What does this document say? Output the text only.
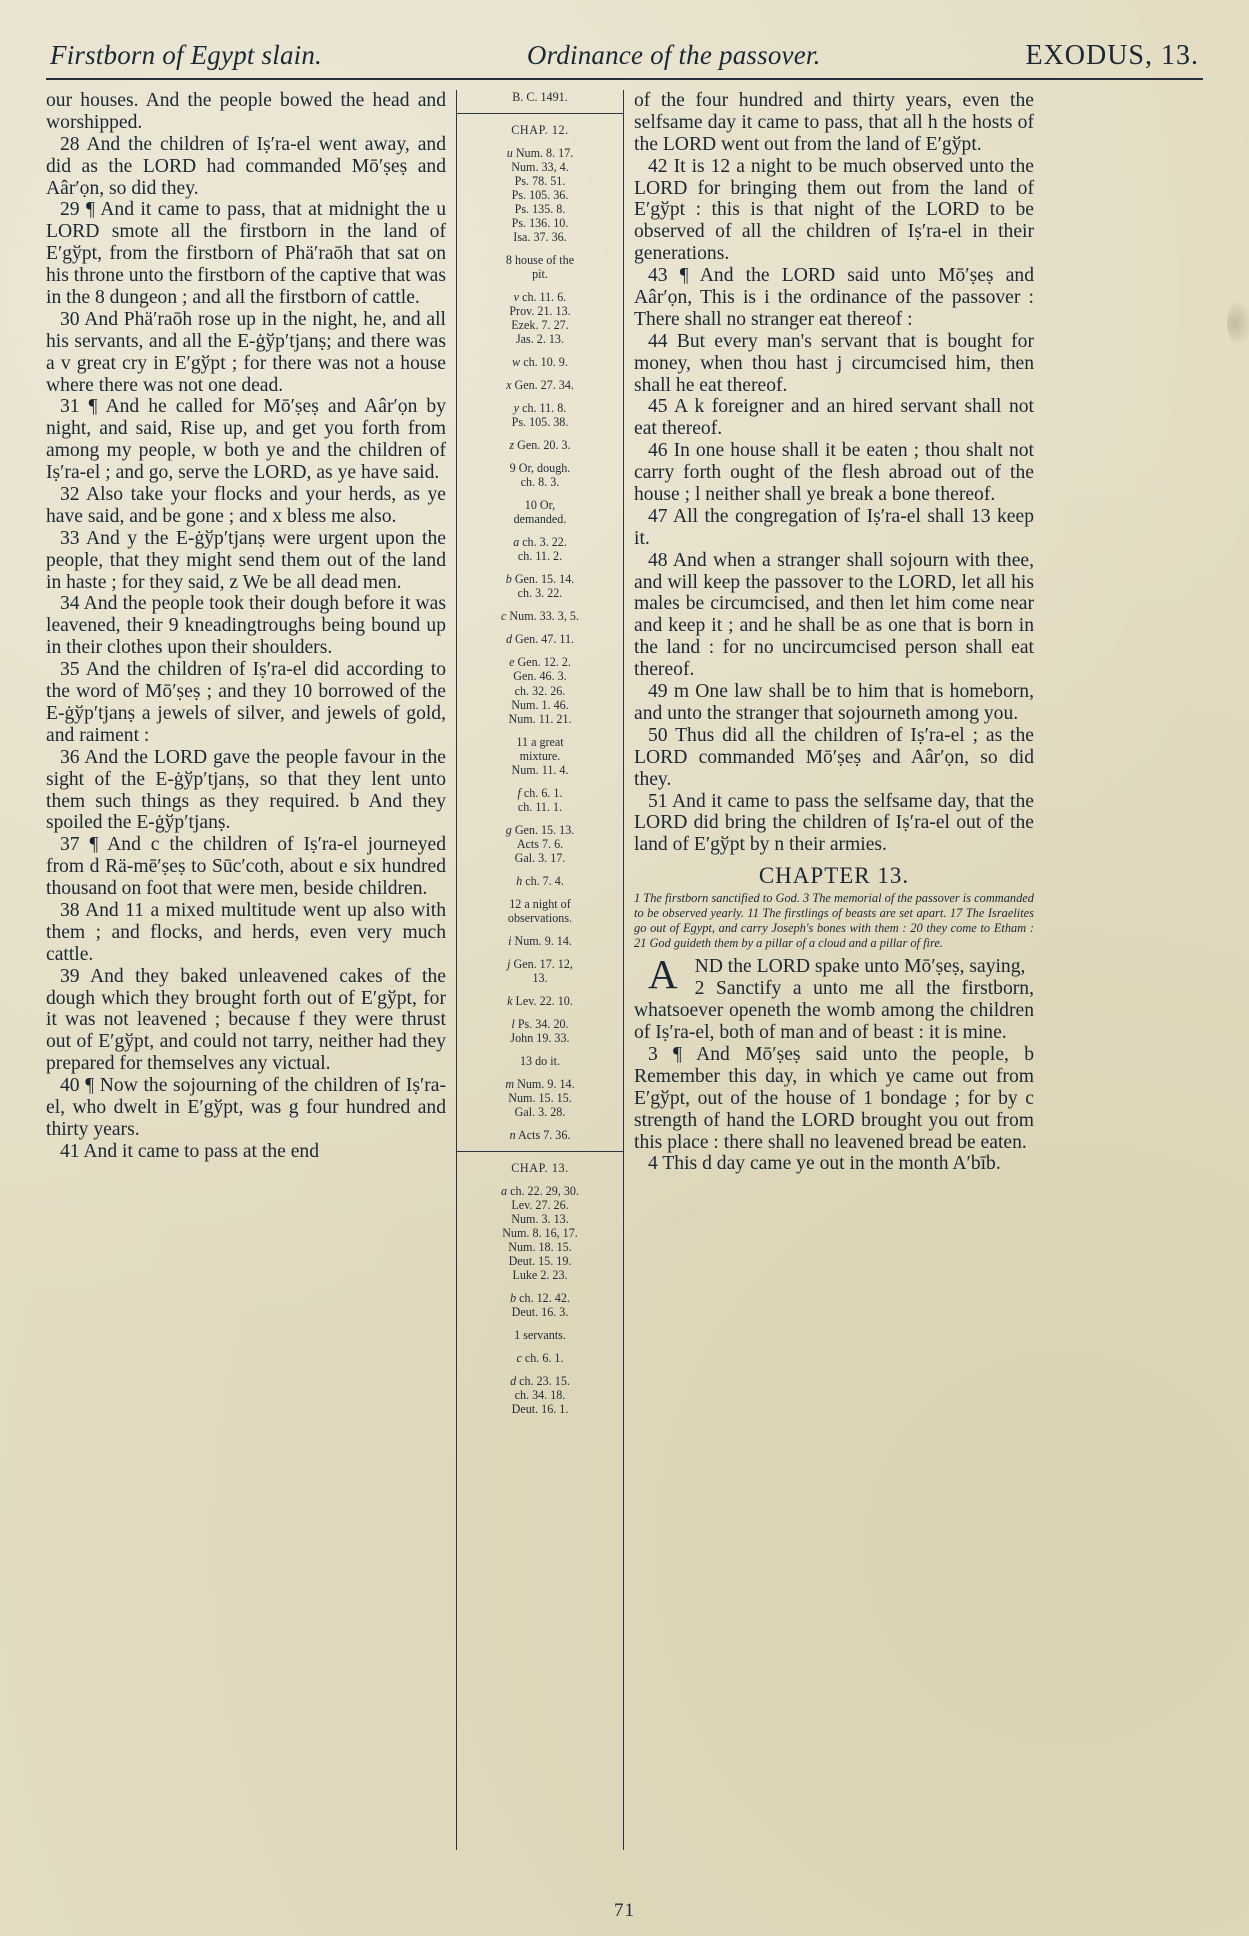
Firstborn of Egypt slain.	Ordinance of the passover.	EXODUS, 13.

our houses. And the people bowed the head and worshipped.

28 And the children of Iṣ′ra-el went away, and did as the LORD had commanded Mō′ṣeṣ and Aâr′ọn, so did they.

29 ¶ And it came to pass, that at midnight the u LORD smote all the firstborn in the land of E′gўpt, from the firstborn of Phä′raōh that sat on his throne unto the firstborn of the captive that was in the 8 dungeon ; and all the firstborn of cattle.

30 And Phä′raōh rose up in the night, he, and all his servants, and all the E-ġўp′tjanṣ; and there was a v great cry in E′gўpt ; for there was not a house where there was not one dead.

31 ¶ And he called for Mō′ṣeṣ and Aâr′ọn by night, and said, Rise up, and get you forth from among my people, w both ye and the children of Iṣ′ra-el ; and go, serve the LORD, as ye have said.

32 Also take your flocks and your herds, as ye have said, and be gone ; and x bless me also.

33 And y the E-ġўp′tjanṣ were urgent upon the people, that they might send them out of the land in haste ; for they said, z We be all dead men.

34 And the people took their dough before it was leavened, their 9 kneadingtroughs being bound up in their clothes upon their shoulders.

35 And the children of Iṣ′ra-el did according to the word of Mō′ṣeṣ ; and they 10 borrowed of the E-ġўp′tjanṣ a jewels of silver, and jewels of gold, and raiment :

36 And the LORD gave the people favour in the sight of the E-ġўp′tjanṣ, so that they lent unto them such things as they required. b And they spoiled the E-ġўp′tjanṣ.

37 ¶ And c the children of Iṣ′ra-el journeyed from d Rä-mē′ṣeṣ to Sūc′coth, about e six hundred thousand on foot that were men, beside children.

38 And 11 a mixed multitude went up also with them ; and flocks, and herds, even very much cattle.

39 And they baked unleavened cakes of the dough which they brought forth out of E′gўpt, for it was not leavened ; because f they were thrust out of E′gўpt, and could not tarry, neither had they prepared for themselves any victual.

40 ¶ Now the sojourning of the children of Iṣ′ra-el, who dwelt in E′gўpt, was g four hundred and thirty years.

41 And it came to pass at the end

B. C. 1491.
CHAP. 12.
u Num. 8. 17.
Num. 33, 4.
Ps. 78. 51.
Ps. 105. 36.
Ps. 135. 8.
Ps. 136. 10.
Isa. 37. 36.
8 house of the
pit.
v ch. 11. 6.
Prov. 21. 13.
Ezek. 7. 27.
Jas. 2. 13.
w ch. 10. 9.
x Gen. 27. 34.
y ch. 11. 8.
Ps. 105. 38.
z Gen. 20. 3.
9 Or, dough.
ch. 8. 3.
10 Or,
demanded.
a ch. 3. 22.
ch. 11. 2.
b Gen. 15. 14.
ch. 3. 22.
c Num. 33. 3, 5.
d Gen. 47. 11.
e Gen. 12. 2.
Gen. 46. 3.
ch. 32. 26.
Num. 1. 46.
Num. 11. 21.
11 a great
mixture.
Num. 11. 4.
f ch. 6. 1.
ch. 11. 1.
g Gen. 15. 13.
Acts 7. 6.
Gal. 3. 17.
h ch. 7. 4.
12 a night of
observations.
i Num. 9. 14.
j Gen. 17. 12,
13.
k Lev. 22. 10.
l Ps. 34. 20.
John 19. 33.
13 do it.
m Num. 9. 14.
Num. 15. 15.
Gal. 3. 28.
n Acts 7. 36.
CHAP. 13.
a ch. 22. 29, 30.
Lev. 27. 26.
Num. 3. 13.
Num. 8. 16, 17.
Num. 18. 15.
Deut. 15. 19.
Luke 2. 23.
b ch. 12. 42.
Deut. 16. 3.
1 servants.
c ch. 6. 1.
d ch. 23. 15.
ch. 34. 18.
Deut. 16. 1.

of the four hundred and thirty years, even the selfsame day it came to pass, that all h the hosts of the LORD went out from the land of E′gўpt.

42 It is 12 a night to be much observed unto the LORD for bringing them out from the land of E′gўpt : this is that night of the LORD to be observed of all the children of Iṣ′ra-el in their generations.

43 ¶ And the LORD said unto Mō′ṣeṣ and Aâr′ọn, This is i the ordinance of the passover : There shall no stranger eat thereof :

44 But every man's servant that is bought for money, when thou hast j circumcised him, then shall he eat thereof.

45 A k foreigner and an hired servant shall not eat thereof.

46 In one house shall it be eaten ; thou shalt not carry forth ought of the flesh abroad out of the house ; l neither shall ye break a bone thereof.

47 All the congregation of Iṣ′ra-el shall 13 keep it.

48 And when a stranger shall sojourn with thee, and will keep the passover to the LORD, let all his males be circumcised, and then let him come near and keep it ; and he shall be as one that is born in the land : for no uncircumcised person shall eat thereof.

49 m One law shall be to him that is homeborn, and unto the stranger that sojourneth among you.

50 Thus did all the children of Iṣ′ra-el ; as the LORD commanded Mō′ṣeṣ and Aâr′ọn, so did they.

51 And it came to pass the selfsame day, that the LORD did bring the children of Iṣ′ra-el out of the land of E′gўpt by n their armies.

CHAPTER 13.
1 The firstborn sanctified to God. 3 The memorial of the passover is commanded to be observed yearly. 11 The firstlings of beasts are set apart. 17 The Israelites go out of Egypt, and carry Joseph's bones with them : 20 they come to Etham : 21 God guideth them by a pillar of a cloud and a pillar of fire.

AND the LORD spake unto Mō′ṣeṣ, saying,

2 Sanctify a unto me all the firstborn, whatsoever openeth the womb among the children of Iṣ′ra-el, both of man and of beast : it is mine.

3 ¶ And Mō′ṣeṣ said unto the people, b Remember this day, in which ye came out from E′gўpt, out of the house of 1 bondage ; for by c strength of hand the LORD brought you out from this place : there shall no leavened bread be eaten.

4 This d day came ye out in the month A′bīb.

71
